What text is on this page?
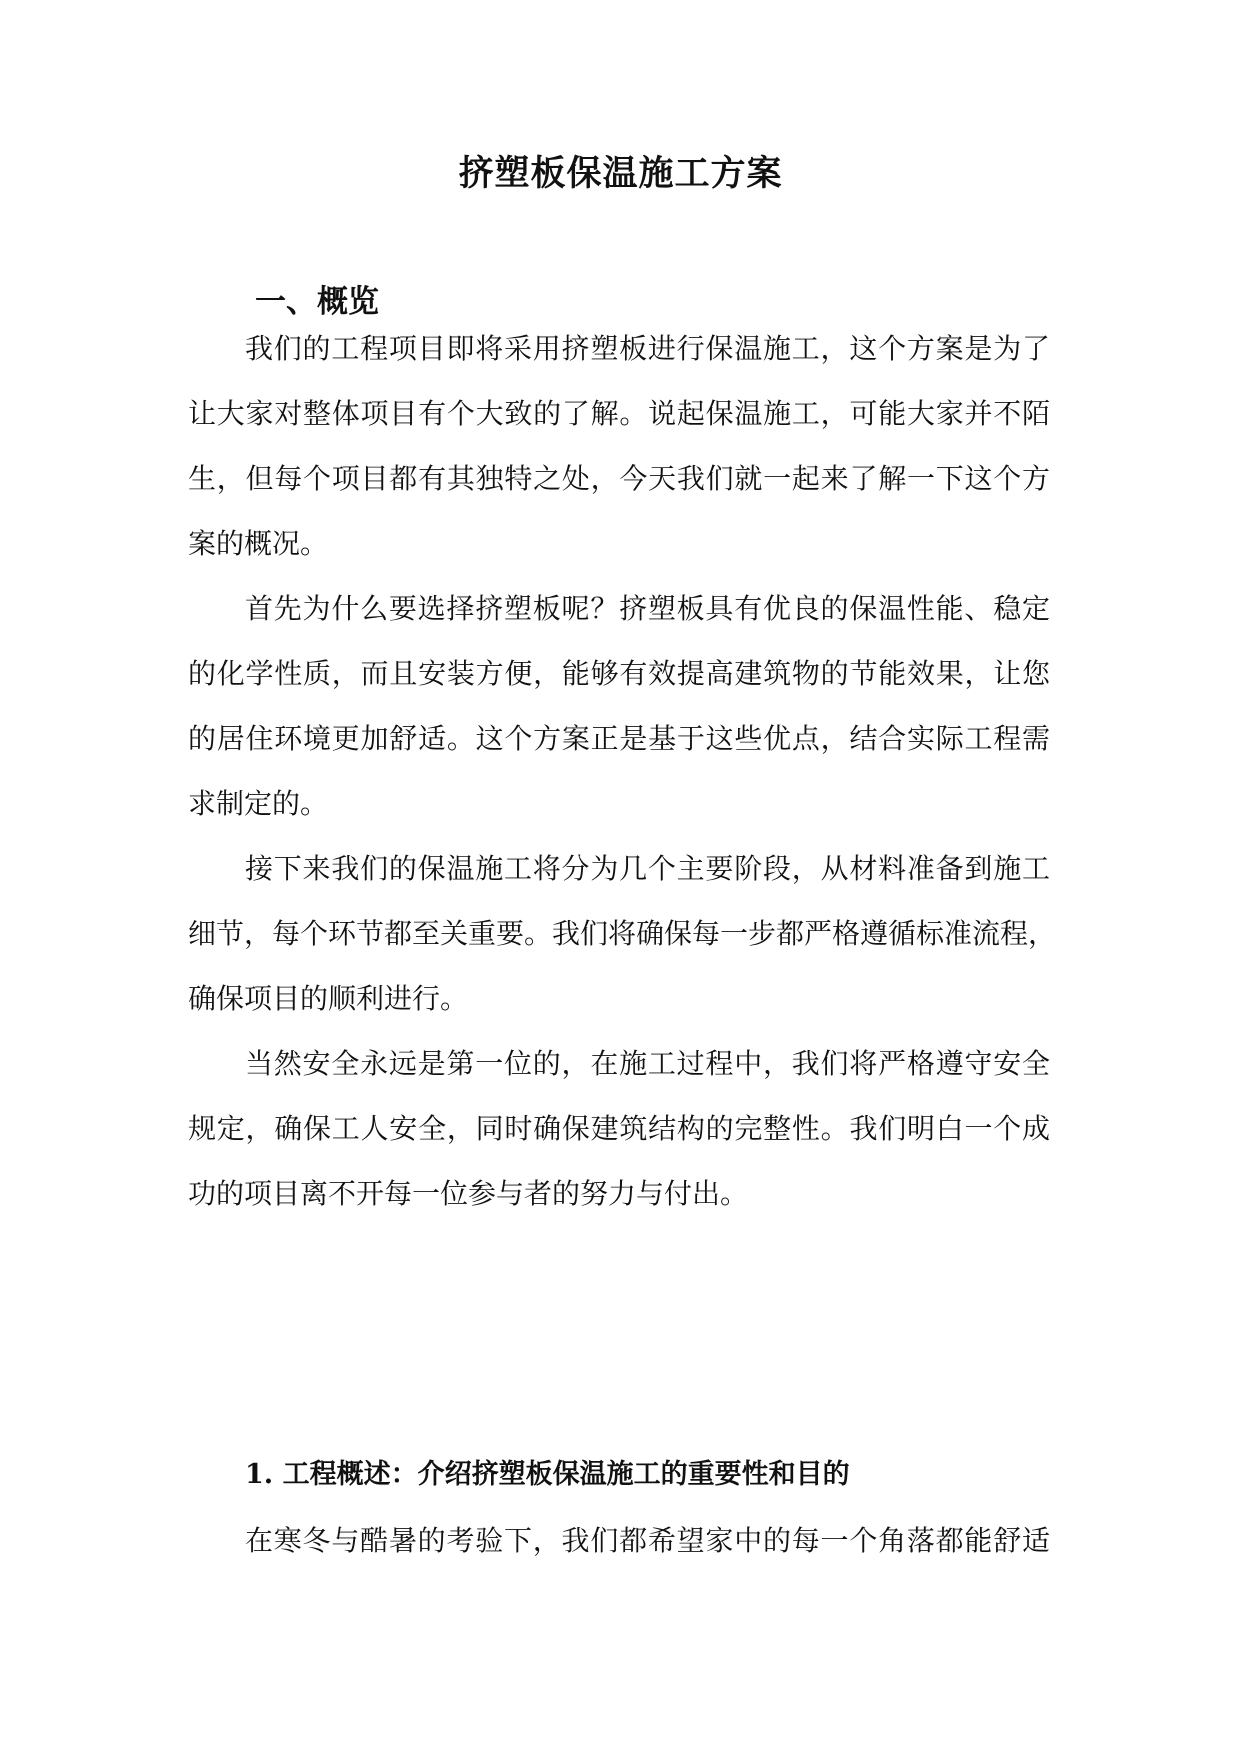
挤塑板保温施工方案
一、概览
我们的工程项目即将采用挤塑板进行保温施工，这个方案是为了
让大家对整体项目有个大致的了解。说起保温施工，可能大家并不陌
生，但每个项目都有其独特之处，今天我们就一起来了解一下这个方
案的概况。
首先为什么要选择挤塑板呢？挤塑板具有优良的保温性能、稳定
的化学性质，而且安装方便，能够有效提高建筑物的节能效果，让您
的居住环境更加舒适。这个方案正是基于这些优点，结合实际工程需
求制定的。
接下来我们的保温施工将分为几个主要阶段，从材料准备到施工
细节，每个环节都至关重要。我们将确保每一步都严格遵循标准流程，
确保项目的顺利进行。
当然安全永远是第一位的，在施工过程中，我们将严格遵守安全
规定，确保工人安全，同时确保建筑结构的完整性。我们明白一个成
功的项目离不开每一位参与者的努力与付出。
1. 工程概述：介绍挤塑板保温施工的重要性和目的
在寒冬与酷暑的考验下，我们都希望家中的每一个角落都能舒适
